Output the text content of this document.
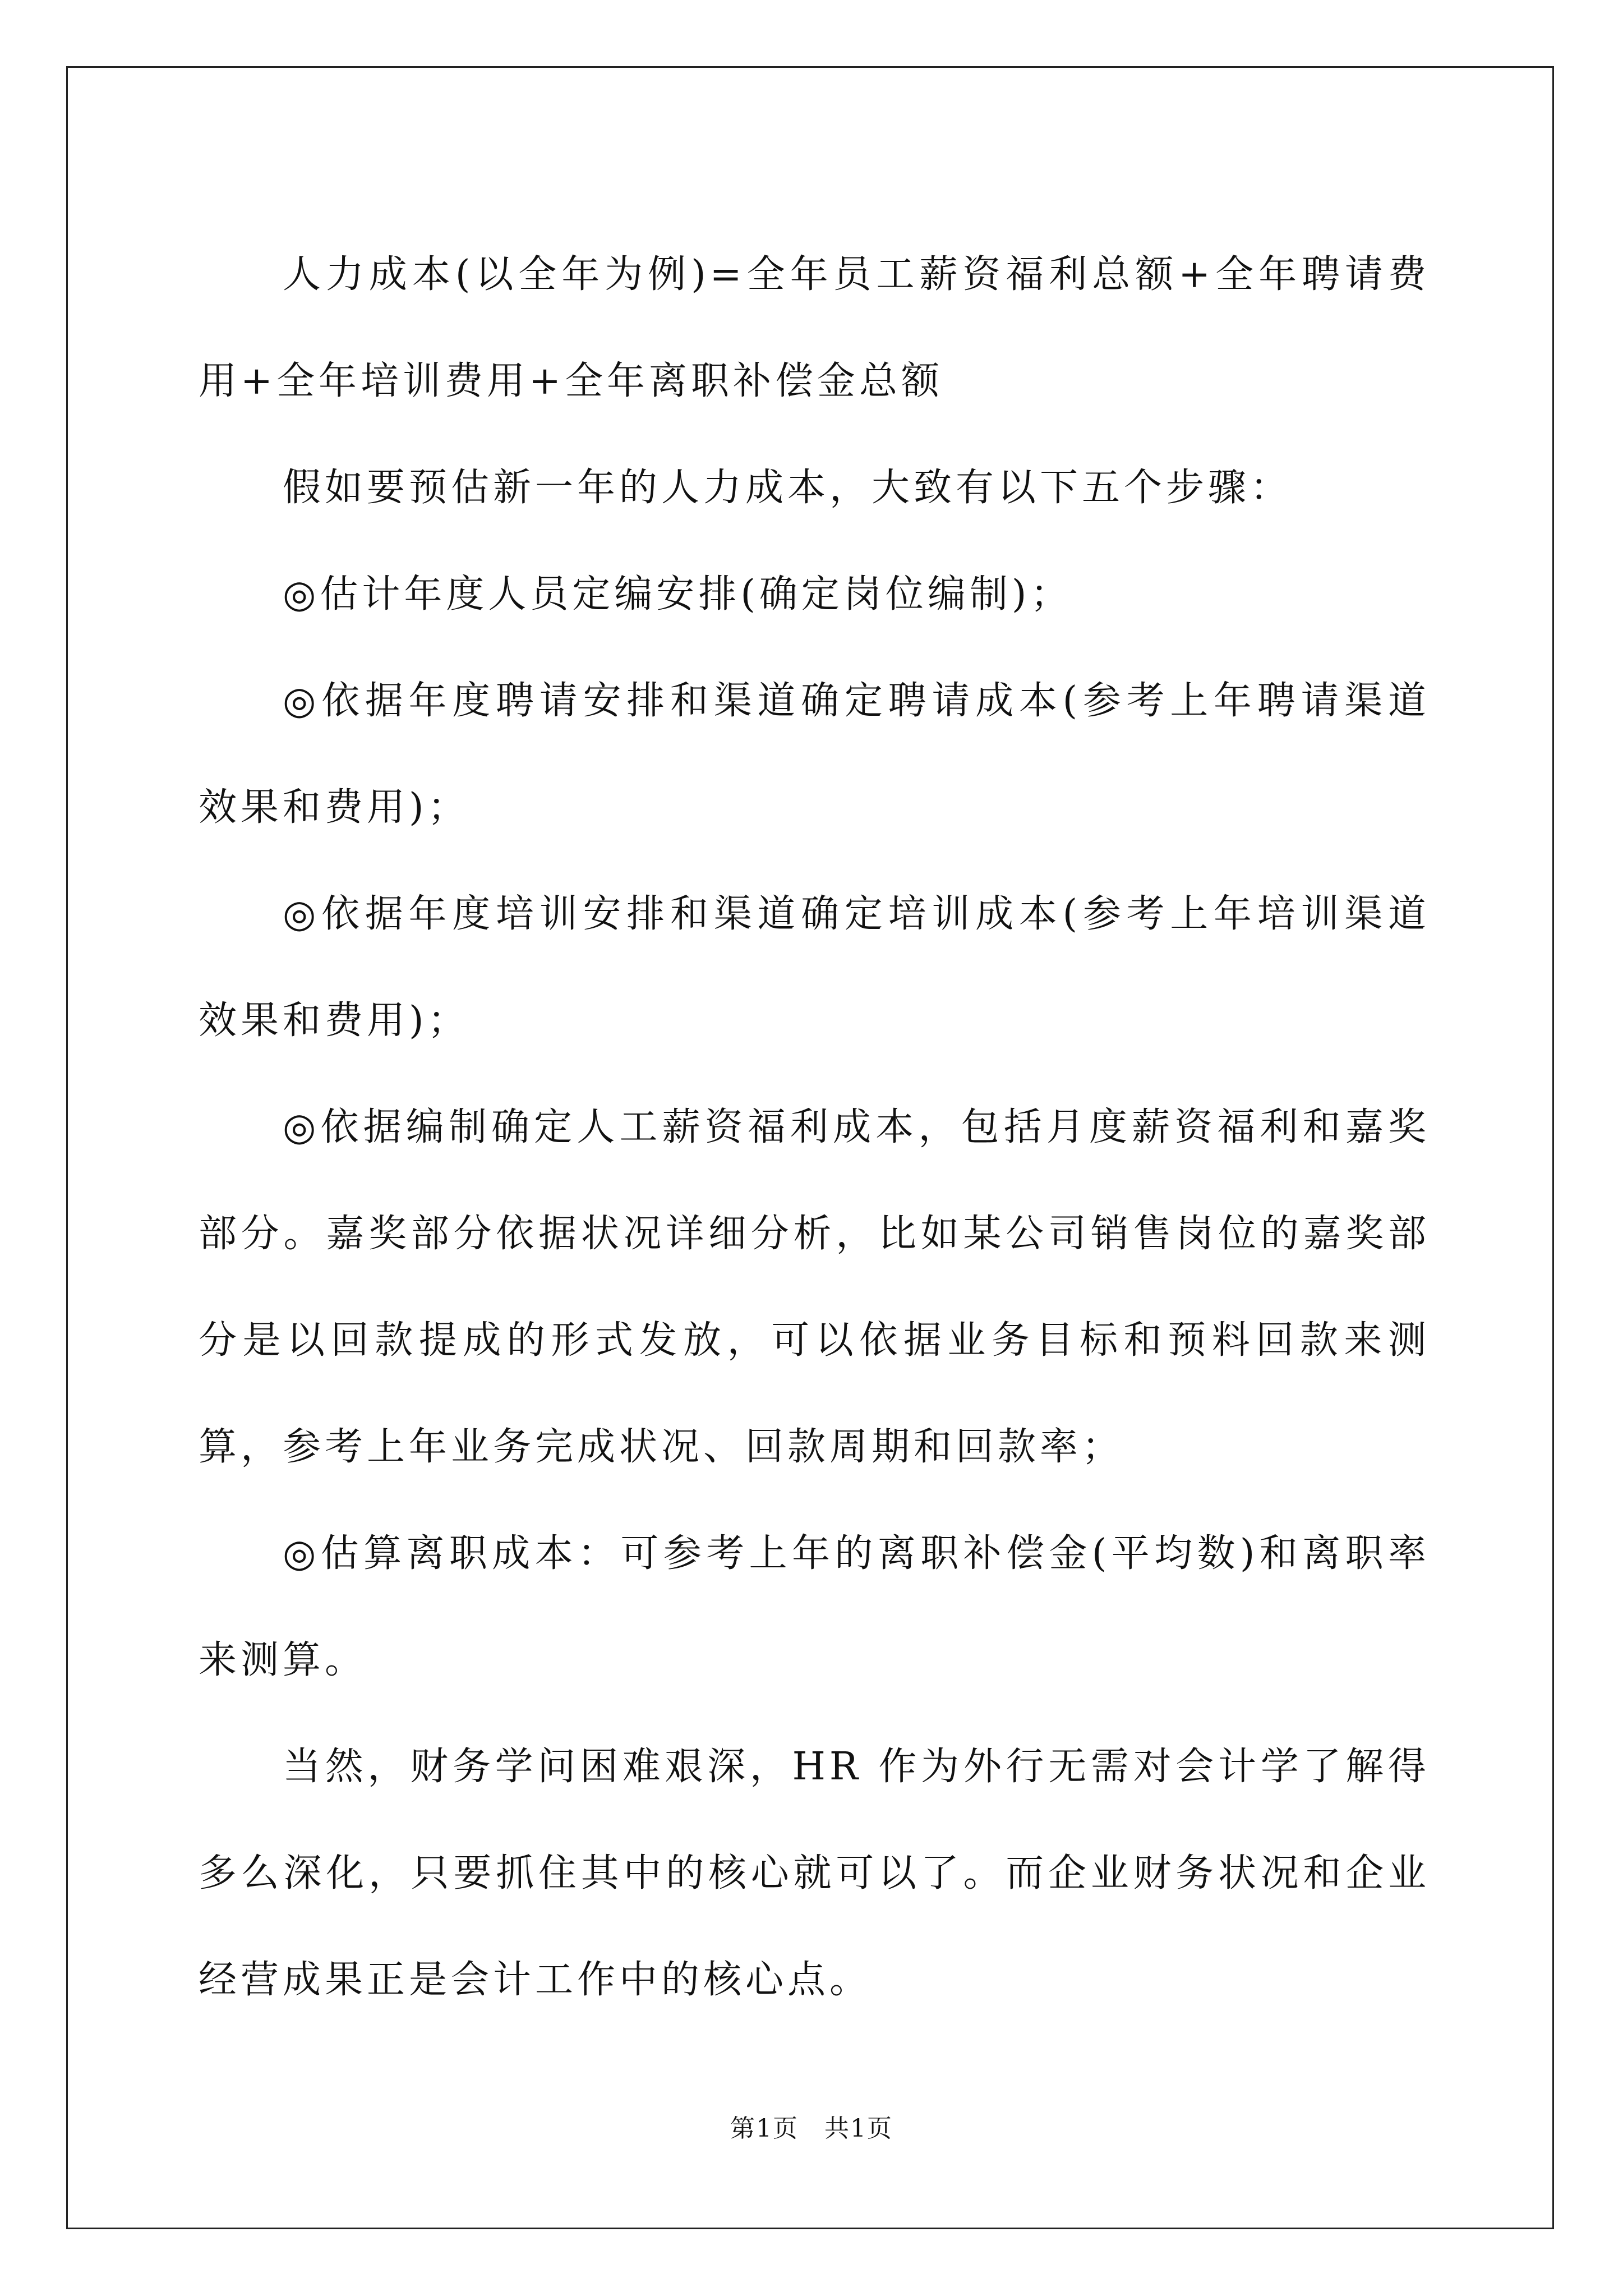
人力成本(以全年为例)=全年员工薪资福利总额+全年聘请费用+全年培训费用+全年离职补偿金总额

假如要预估新一年的人力成本，大致有以下五个步骤：

◎估计年度人员定编安排(确定岗位编制)；

◎依据年度聘请安排和渠道确定聘请成本(参考上年聘请渠道效果和费用)；

◎依据年度培训安排和渠道确定培训成本(参考上年培训渠道效果和费用)；

◎依据编制确定人工薪资福利成本，包括月度薪资福利和嘉奖部分。嘉奖部分依据状况详细分析，比如某公司销售岗位的嘉奖部分是以回款提成的形式发放，可以依据业务目标和预料回款来测算，参考上年业务完成状况、回款周期和回款率；

◎估算离职成本：可参考上年的离职补偿金(平均数)和离职率来测算。

当然，财务学问困难艰深，HR 作为外行无需对会计学了解得多么深化，只要抓住其中的核心就可以了。而企业财务状况和企业经营成果正是会计工作中的核心点。

第1页　共1页
